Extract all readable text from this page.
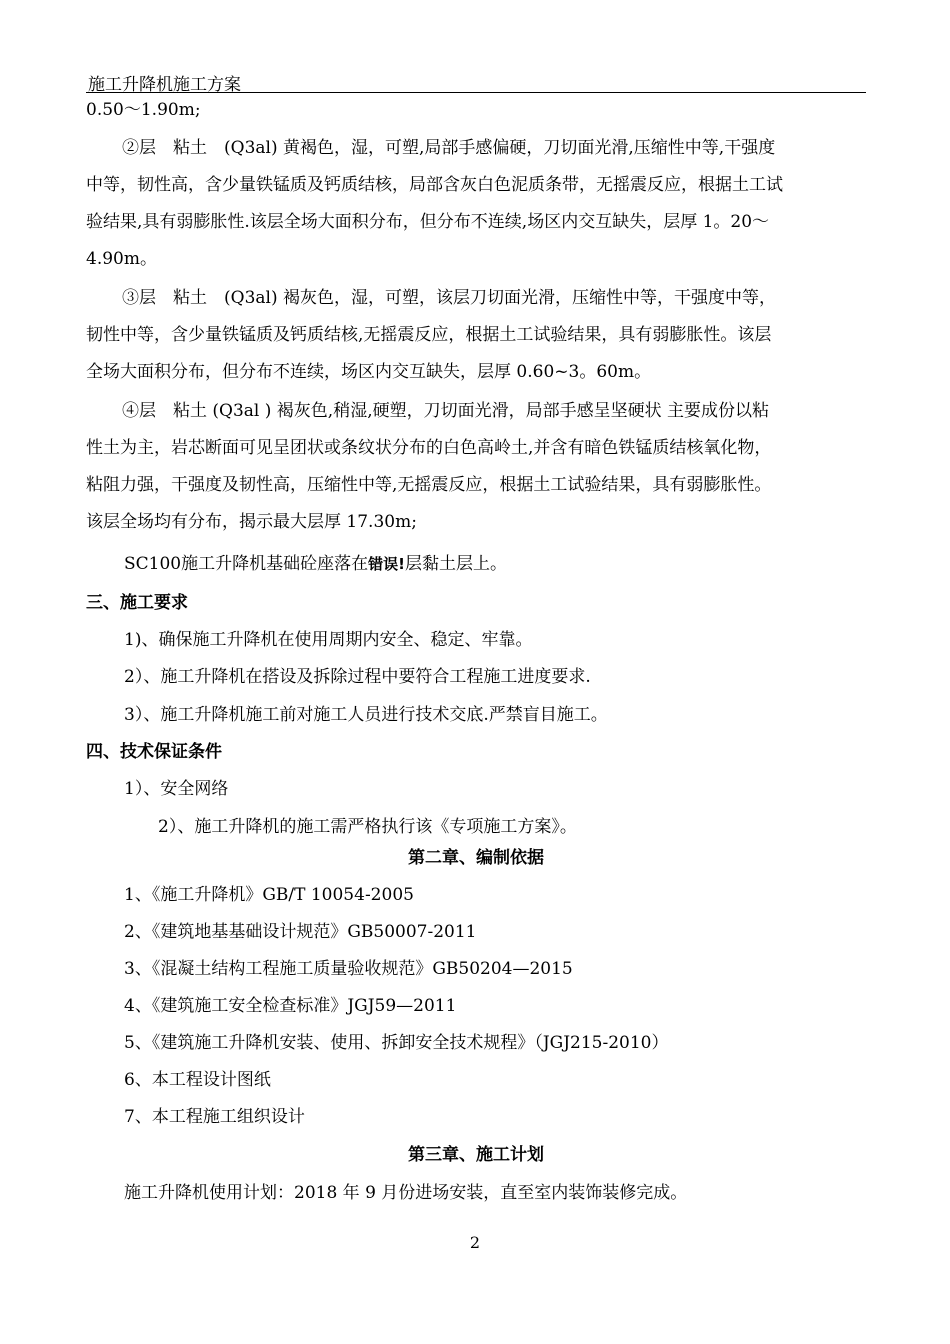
施工升降机施工方案
0.50～1.90m;

②层　粘土　(Q3al) 黄褐色，湿，可塑,局部手感偏硬，刀切面光滑,压缩性中等,干强度

中等，韧性高，含少量铁锰质及钙质结核，局部含灰白色泥质条带，无摇震反应，根据土工试

验结果,具有弱膨胀性.该层全场大面积分布，但分布不连续,场区内交互缺失，层厚 1。20～

4.90m。

③层　粘土　(Q3al) 褐灰色，湿，可塑，该层刀切面光滑，压缩性中等，干强度中等，

韧性中等，含少量铁锰质及钙质结核,无摇震反应，根据土工试验结果，具有弱膨胀性。该层

全场大面积分布，但分布不连续，场区内交互缺失，层厚 0.60~3。60m。

④层　粘土 (Q3al ) 褐灰色,稍湿,硬塑，刀切面光滑，局部手感呈坚硬状 主要成份以粘

性土为主，岩芯断面可见呈团状或条纹状分布的白色高岭土,并含有暗色铁锰质结核氧化物，

粘阻力强，干强度及韧性高，压缩性中等,无摇震反应，根据土工试验结果，具有弱膨胀性。

该层全场均有分布，揭示最大层厚 17.30m;

SC100施工升降机基础砼座落在错误!层黏土层上。
三、施工要求
1)、确保施工升降机在使用周期内安全、稳定、牢靠。
2）、施工升降机在搭设及拆除过程中要符合工程施工进度要求.
3）、施工升降机施工前对施工人员进行技术交底.严禁盲目施工。
四、技术保证条件
1）、安全网络
2）、施工升降机的施工需严格执行该《专项施工方案》。
第二章、编制依据
1、《施工升降机》GB/T 10054-2005
2、《建筑地基基础设计规范》GB50007-2011
3、《混凝土结构工程施工质量验收规范》GB50204—2015
4、《建筑施工安全检查标准》JGJ59—2011
5、《建筑施工升降机安装、使用、拆卸安全技术规程》（JGJ215-2010）
6、本工程设计图纸
7、本工程施工组织设计
第三章、施工计划
施工升降机使用计划：2018 年 9 月份进场安装，直至室内装饰装修完成。
2
